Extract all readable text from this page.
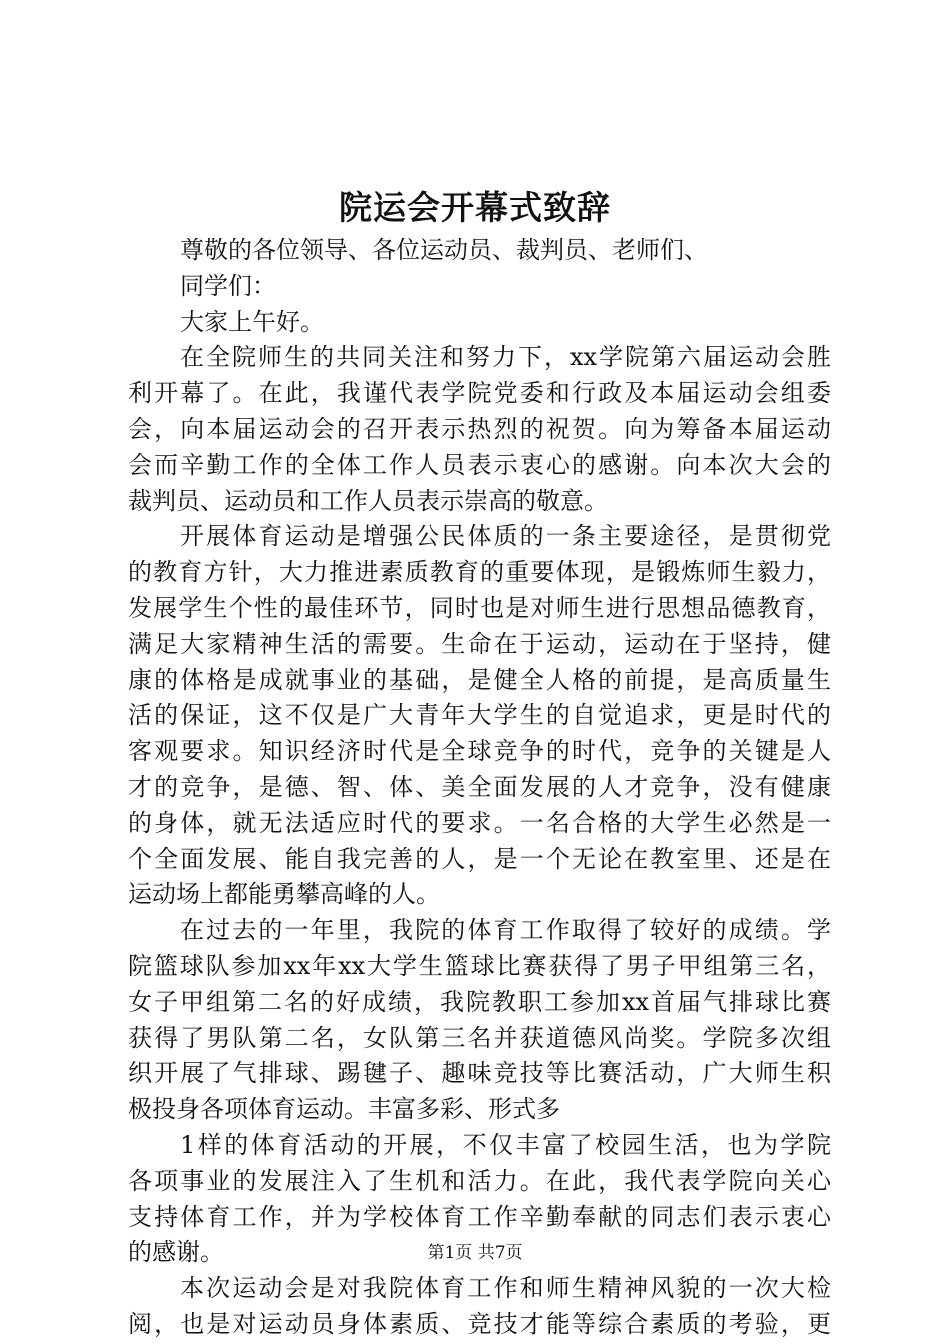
院运会开幕式致辞
尊敬的各位领导、各位运动员、裁判员、老师们、
同学们：
大家上午好。
在全院师生的共同关注和努力下，xx学院第六届运动会胜
利开幕了。在此，我谨代表学院党委和行政及本届运动会组委
会，向本届运动会的召开表示热烈的祝贺。向为筹备本届运动
会而辛勤工作的全体工作人员表示衷心的感谢。向本次大会的
裁判员、运动员和工作人员表示崇高的敬意。
开展体育运动是增强公民体质的一条主要途径，是贯彻党
的教育方针，大力推进素质教育的重要体现，是锻炼师生毅力，
发展学生个性的最佳环节，同时也是对师生进行思想品德教育，
满足大家精神生活的需要。生命在于运动，运动在于坚持，健
康的体格是成就事业的基础，是健全人格的前提，是高质量生
活的保证，这不仅是广大青年大学生的自觉追求，更是时代的
客观要求。知识经济时代是全球竞争的时代，竞争的关键是人
才的竞争，是德、智、体、美全面发展的人才竞争，没有健康
的身体，就无法适应时代的要求。一名合格的大学生必然是一
个全面发展、能自我完善的人，是一个无论在教室里、还是在
运动场上都能勇攀高峰的人。
在过去的一年里，我院的体育工作取得了较好的成绩。学
院篮球队参加xx年xx大学生篮球比赛获得了男子甲组第三名，
女子甲组第二名的好成绩，我院教职工参加xx首届气排球比赛
获得了男队第二名，女队第三名并获道德风尚奖。学院多次组
织开展了气排球、踢毽子、趣味竞技等比赛活动，广大师生积
极投身各项体育运动。丰富多彩、形式多
1样的体育活动的开展，不仅丰富了校园生活，也为学院
各项事业的发展注入了生机和活力。在此，我代表学院向关心
支持体育工作，并为学校体育工作辛勤奉献的同志们表示衷心
的感谢。
本次运动会是对我院体育工作和师生精神风貌的一次大检
阅，也是对运动员身体素质、竞技才能等综合素质的考验，更
第1页 共7页
